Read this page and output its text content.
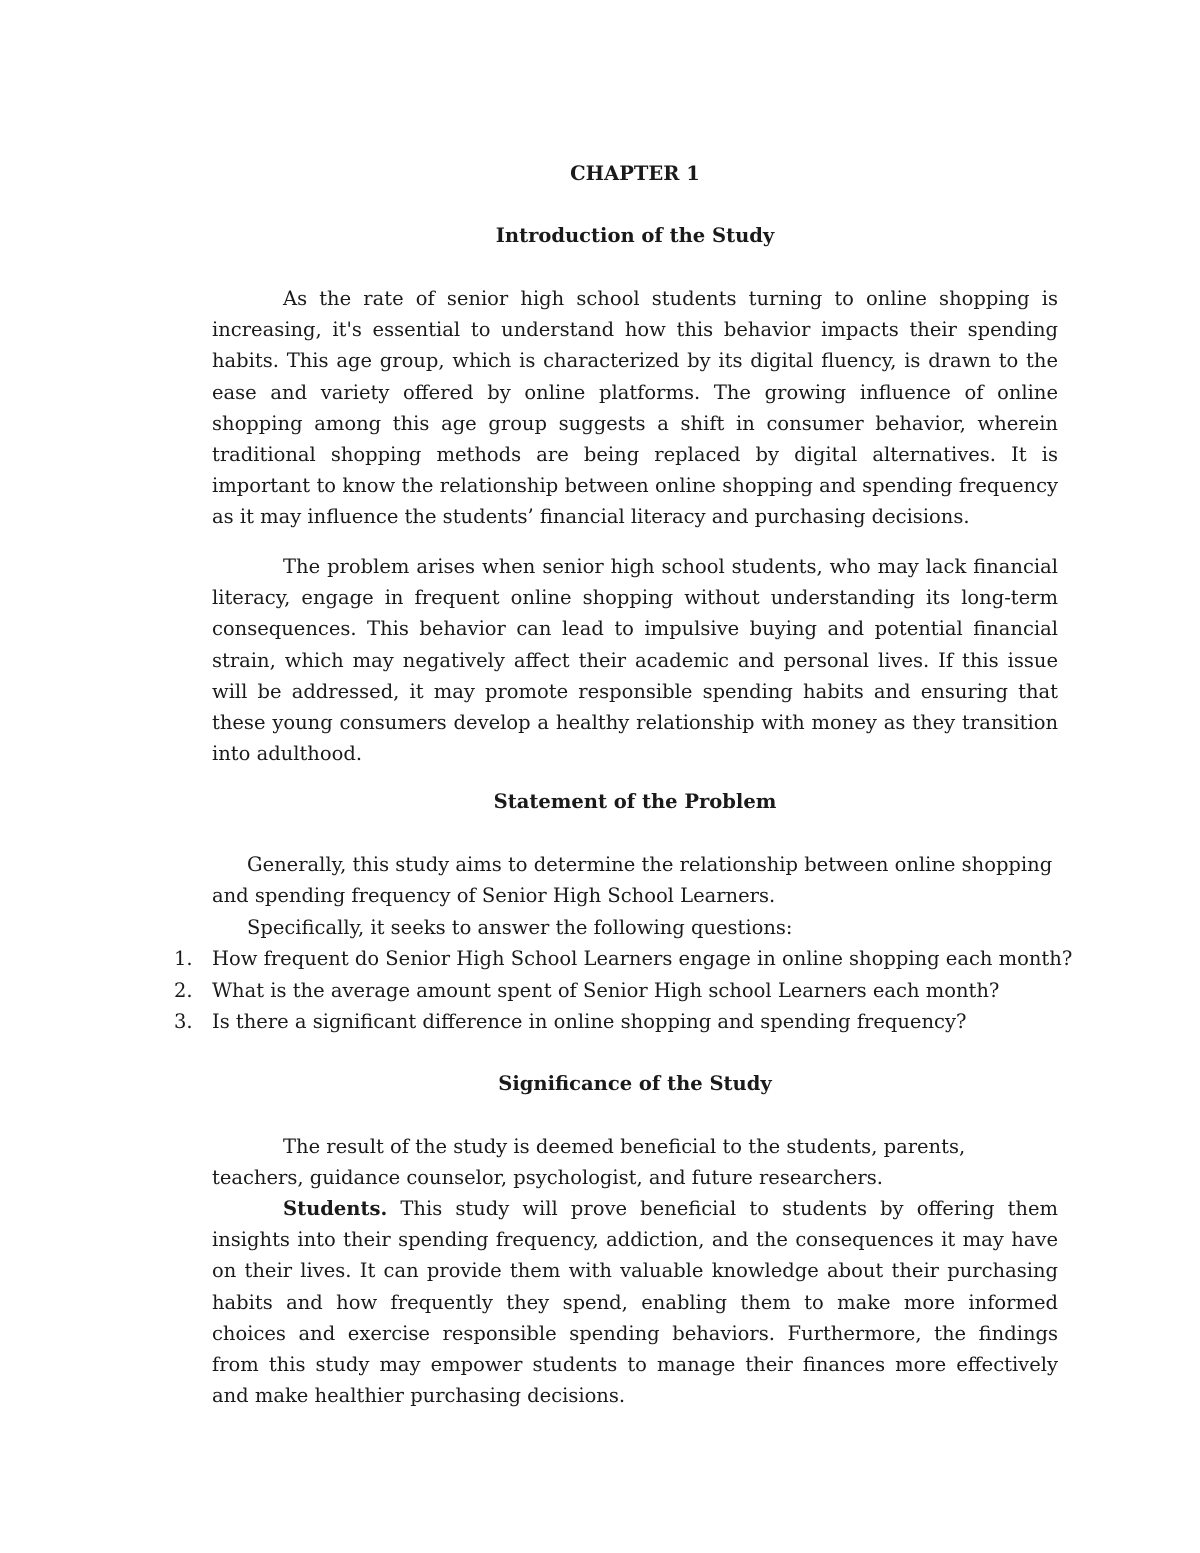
CHAPTER 1
Introduction of the Study

As the rate of senior high school students turning to online shopping is increasing, it's essential to understand how this behavior impacts their spending habits. This age group, which is characterized by its digital fluency, is drawn to the ease and variety offered by online platforms. The growing influence of online shopping among this age group suggests a shift in consumer behavior, wherein traditional shopping methods are being replaced by digital alternatives. It is important to know the relationship between online shopping and spending frequency as it may influence the students’ financial literacy and purchasing decisions.

The problem arises when senior high school students, who may lack financial literacy, engage in frequent online shopping without understanding its long-term consequences. This behavior can lead to impulsive buying and potential financial strain, which may negatively affect their academic and personal lives. If this issue will be addressed, it may promote responsible spending habits and ensuring that these young consumers develop a healthy relationship with money as they transition into adulthood.

Statement of the Problem

Generally, this study aims to determine the relationship between online shopping and spending frequency of Senior High School Learners.

Specifically, it seeks to answer the following questions:

1. How frequent do Senior High School Learners engage in online shopping each month?
2. What is the average amount spent of Senior High school Learners each month?
3. Is there a significant difference in online shopping and spending frequency?
Significance of the Study

The result of the study is deemed beneficial to the students, parents, teachers, guidance counselor, psychologist, and future researchers.

Students. This study will prove beneficial to students by offering them insights into their spending frequency, addiction, and the consequences it may have on their lives. It can provide them with valuable knowledge about their purchasing habits and how frequently they spend, enabling them to make more informed choices and exercise responsible spending behaviors. Furthermore, the findings from this study may empower students to manage their finances more effectively and make healthier purchasing decisions.
